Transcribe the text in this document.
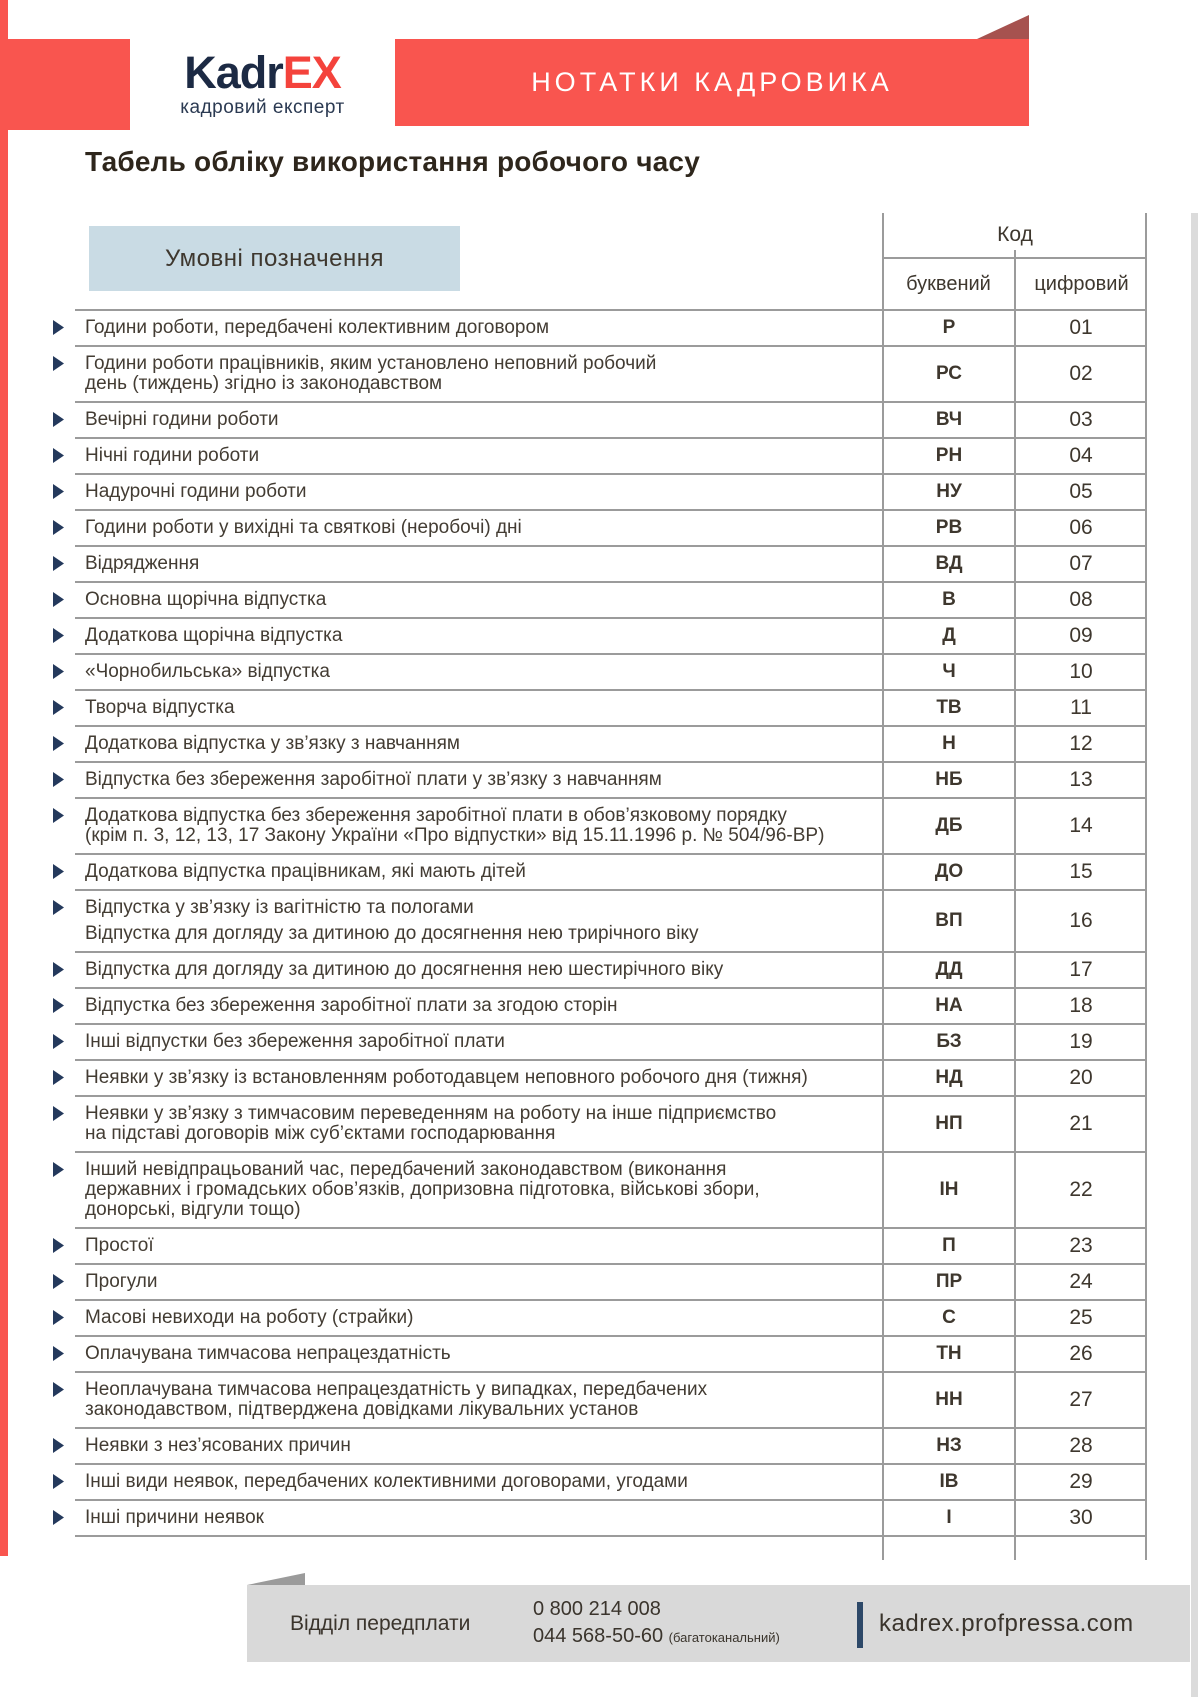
KadrEX
кадровий експерт
НОТАТКИ КАДРОВИКА
Табель обліку використання робочого часу
Умовні позначення
Код
буквений	цифровий
Години роботи, передбачені колективним договором	Р	01
Години роботи працівників, яким установлено неповний робочий
день (тиждень) згідно із законодавством	РС	02
Вечірні години роботи	ВЧ	03
Нічні години роботи	РН	04
Надурочні години роботи	НУ	05
Години роботи у вихідні та святкові (неробочі) дні	РВ	06
Відрядження	ВД	07
Основна щорічна відпустка	В	08
Додаткова щорічна відпустка	Д	09
«Чорнобильська» відпустка	Ч	10
Творча відпустка	ТВ	11
Додаткова відпустка у зв’язку з навчанням	Н	12
Відпустка без збереження заробітної плати у зв’язку з навчанням	НБ	13
Додаткова відпустка без збереження заробітної плати в обов’язковому порядку
(крім п. 3, 12, 13, 17 Закону України «Про відпустки» від 15.11.1996 р. № 504/96-ВР)	ДБ	14
Додаткова відпустка працівникам, які мають дітей	ДО	15
Відпустка у зв’язку із вагітністю та пологами
Відпустка для догляду за дитиною до досягнення нею трирічного віку
ВП	16
Відпустка для догляду за дитиною до досягнення нею шестирічного віку	ДД	17
Відпустка без збереження заробітної плати за згодою сторін	НА	18
Інші відпустки без збереження заробітної плати	БЗ	19
Неявки у зв’язку із встановленням роботодавцем неповного робочого дня (тижня)	НД	20
Неявки у зв’язку з тимчасовим переведенням на роботу на інше підприємство
на підставі договорів між суб’єктами господарювання	НП	21
Інший невідпрацьований час, передбачений законодавством (виконання
державних і громадських обов’язків, допризовна підготовка, військові збори,
донорські, відгули тощо)
ІН	22
Простої	П	23
Прогули	ПР	24
Масові невиходи на роботу (страйки)	С	25
Оплачувана тимчасова непрацездатність	ТН	26
Неоплачувана тимчасова непрацездатність у випадках, передбачених
законодавством, підтверджена довідками лікувальних установ	НН	27
Неявки з нез’ясованих причин	НЗ	28
Інші види неявок, передбачених колективними договорами, угодами	ІВ	29
Інші причини неявок	І	30
Відділ передплати
0 800 214 008
044 568-50-60 (багатоканальний)
kadrex.profpressa.com
